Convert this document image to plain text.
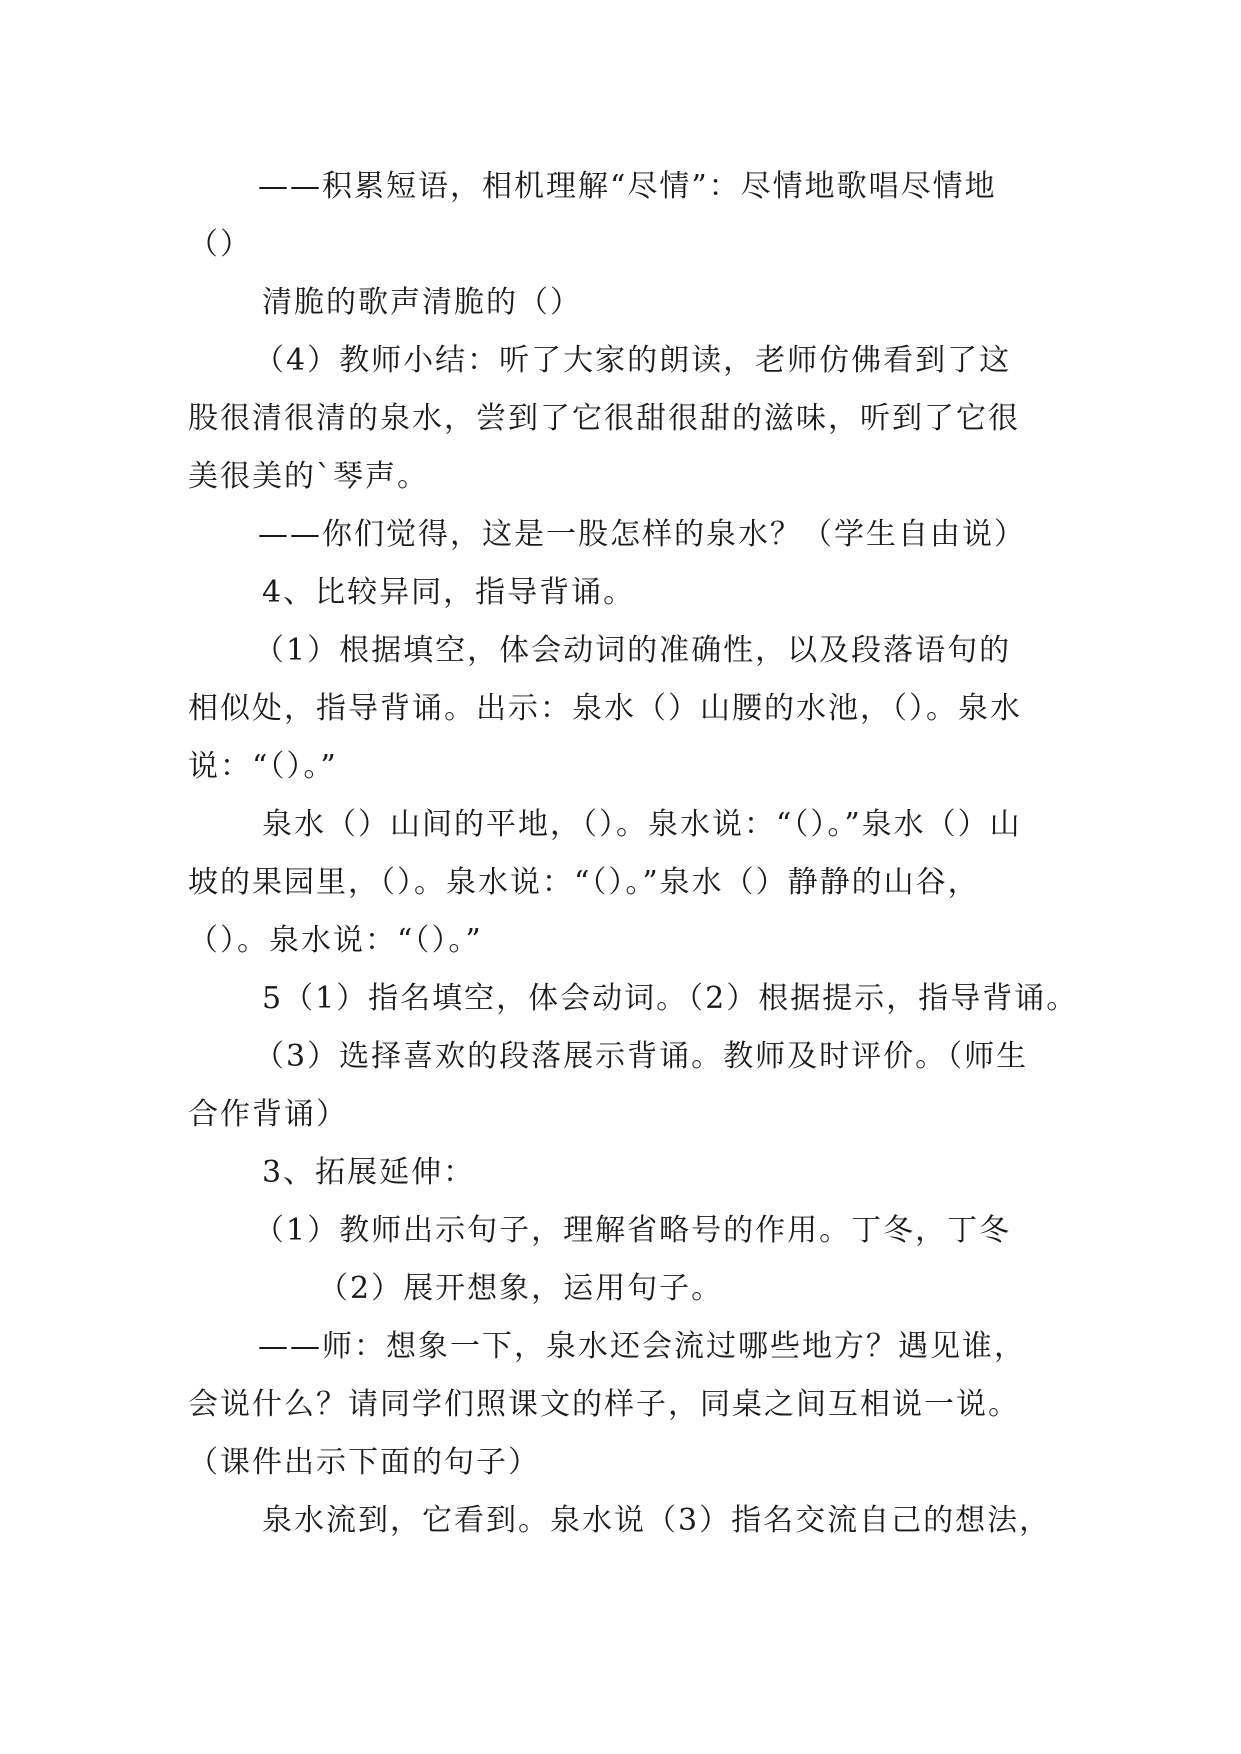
——积累短语，相机理解“尽情”：尽情地歌唱尽情地
（）
清脆的歌声清脆的（）
（4）教师小结：听了大家的朗读，老师仿佛看到了这
股很清很清的泉水，尝到了它很甜很甜的滋味，听到了它很
美很美的`琴声。
——你们觉得，这是一股怎样的泉水？（学生自由说）
4、比较异同，指导背诵。
（1）根据填空，体会动词的准确性，以及段落语句的
相似处，指导背诵。出示：泉水（）山腰的水池，（）。泉水
说：“（）。”
泉水（）山间的平地，（）。泉水说：“（）。”泉水（）山
坡的果园里，（）。泉水说：“（）。”泉水（）静静的山谷，
（）。泉水说：“（）。”
5（1）指名填空，体会动词。（2）根据提示，指导背诵。
（3）选择喜欢的段落展示背诵。教师及时评价。（师生
合作背诵）
3、拓展延伸：
（1）教师出示句子，理解省略号的作用。丁冬，丁冬
（2）展开想象，运用句子。
——师：想象一下，泉水还会流过哪些地方？遇见谁，
会说什么？请同学们照课文的样子，同桌之间互相说一说。
（课件出示下面的句子）
泉水流到，它看到。泉水说（3）指名交流自己的想法，
